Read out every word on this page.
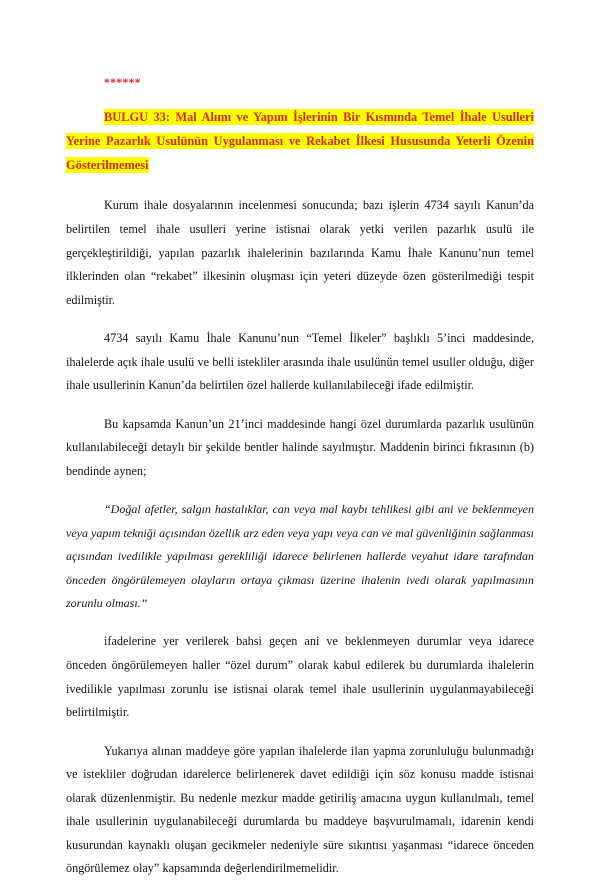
******
BULGU 33: Mal Alımı ve Yapım İşlerinin Bir Kısmında Temel İhale Usulleri Yerine Pazarlık Usulünün Uygulanması ve Rekabet İlkesi Hususunda Yeterli Özenin Gösterilmemesi

Kurum ihale dosyalarının incelenmesi sonucunda; bazı işlerin 4734 sayılı Kanun’da belirtilen temel ihale usulleri yerine istisnai olarak yetki verilen pazarlık usulü ile gerçekleştirildiği, yapılan pazarlık ihalelerinin bazılarında Kamu İhale Kanunu’nun temel ilklerinden olan “rekabet” ilkesinin oluşması için yeteri düzeyde özen gösterilmediği tespit edilmiştir.

4734 sayılı Kamu İhale Kanunu’nun “Temel İlkeler” başlıklı 5’inci maddesinde, ihalelerde açık ihale usulü ve belli istekliler arasında ihale usulünün temel usuller olduğu, diğer ihale usullerinin Kanun’da belirtilen özel hallerde kullanılabileceği ifade edilmiştir.

Bu kapsamda Kanun’un 21’inci maddesinde hangi özel durumlarda pazarlık usulünün kullanılabileceği detaylı bir şekilde bentler halinde sayılmıştır. Maddenin birinci fıkrasının (b) bendinde aynen;

“Doğal afetler, salgın hastalıklar, can veya mal kaybı tehlikesi gibi ani ve beklenmeyen veya yapım tekniği açısından özellik arz eden veya yapı veya can ve mal güvenliğinin sağlanması açısından ivedilikle yapılması gerekliliği idarece belirlenen hallerde veyahut idare tarafından önceden öngörülemeyen olayların ortaya çıkması üzerine ihalenin ivedi olarak yapılmasının zorunlu olması.”

ifadelerine yer verilerek bahsi geçen ani ve beklenmeyen durumlar veya idarece önceden öngörülemeyen haller “özel durum” olarak kabul edilerek bu durumlarda ihalelerin ivedilikle yapılması zorunlu ise istisnai olarak temel ihale usullerinin uygulanmayabileceği belirtilmiştir.

Yukarıya alınan maddeye göre yapılan ihalelerde ilan yapma zorunluluğu bulunmadığı ve istekliler doğrudan idarelerce belirlenerek davet edildiği için söz konusu madde istisnai olarak düzenlenmiştir. Bu nedenle mezkur madde getiriliş amacına uygun kullanılmalı, temel ihale usullerinin uygulanabileceği durumlarda bu maddeye başvurulmamalı, idarenin kendi kusurundan kaynaklı oluşan gecikmeler nedeniyle süre sıkıntısı yaşanması “idarece önceden öngörülemez olay” kapsamında değerlendirilmemelidir.
